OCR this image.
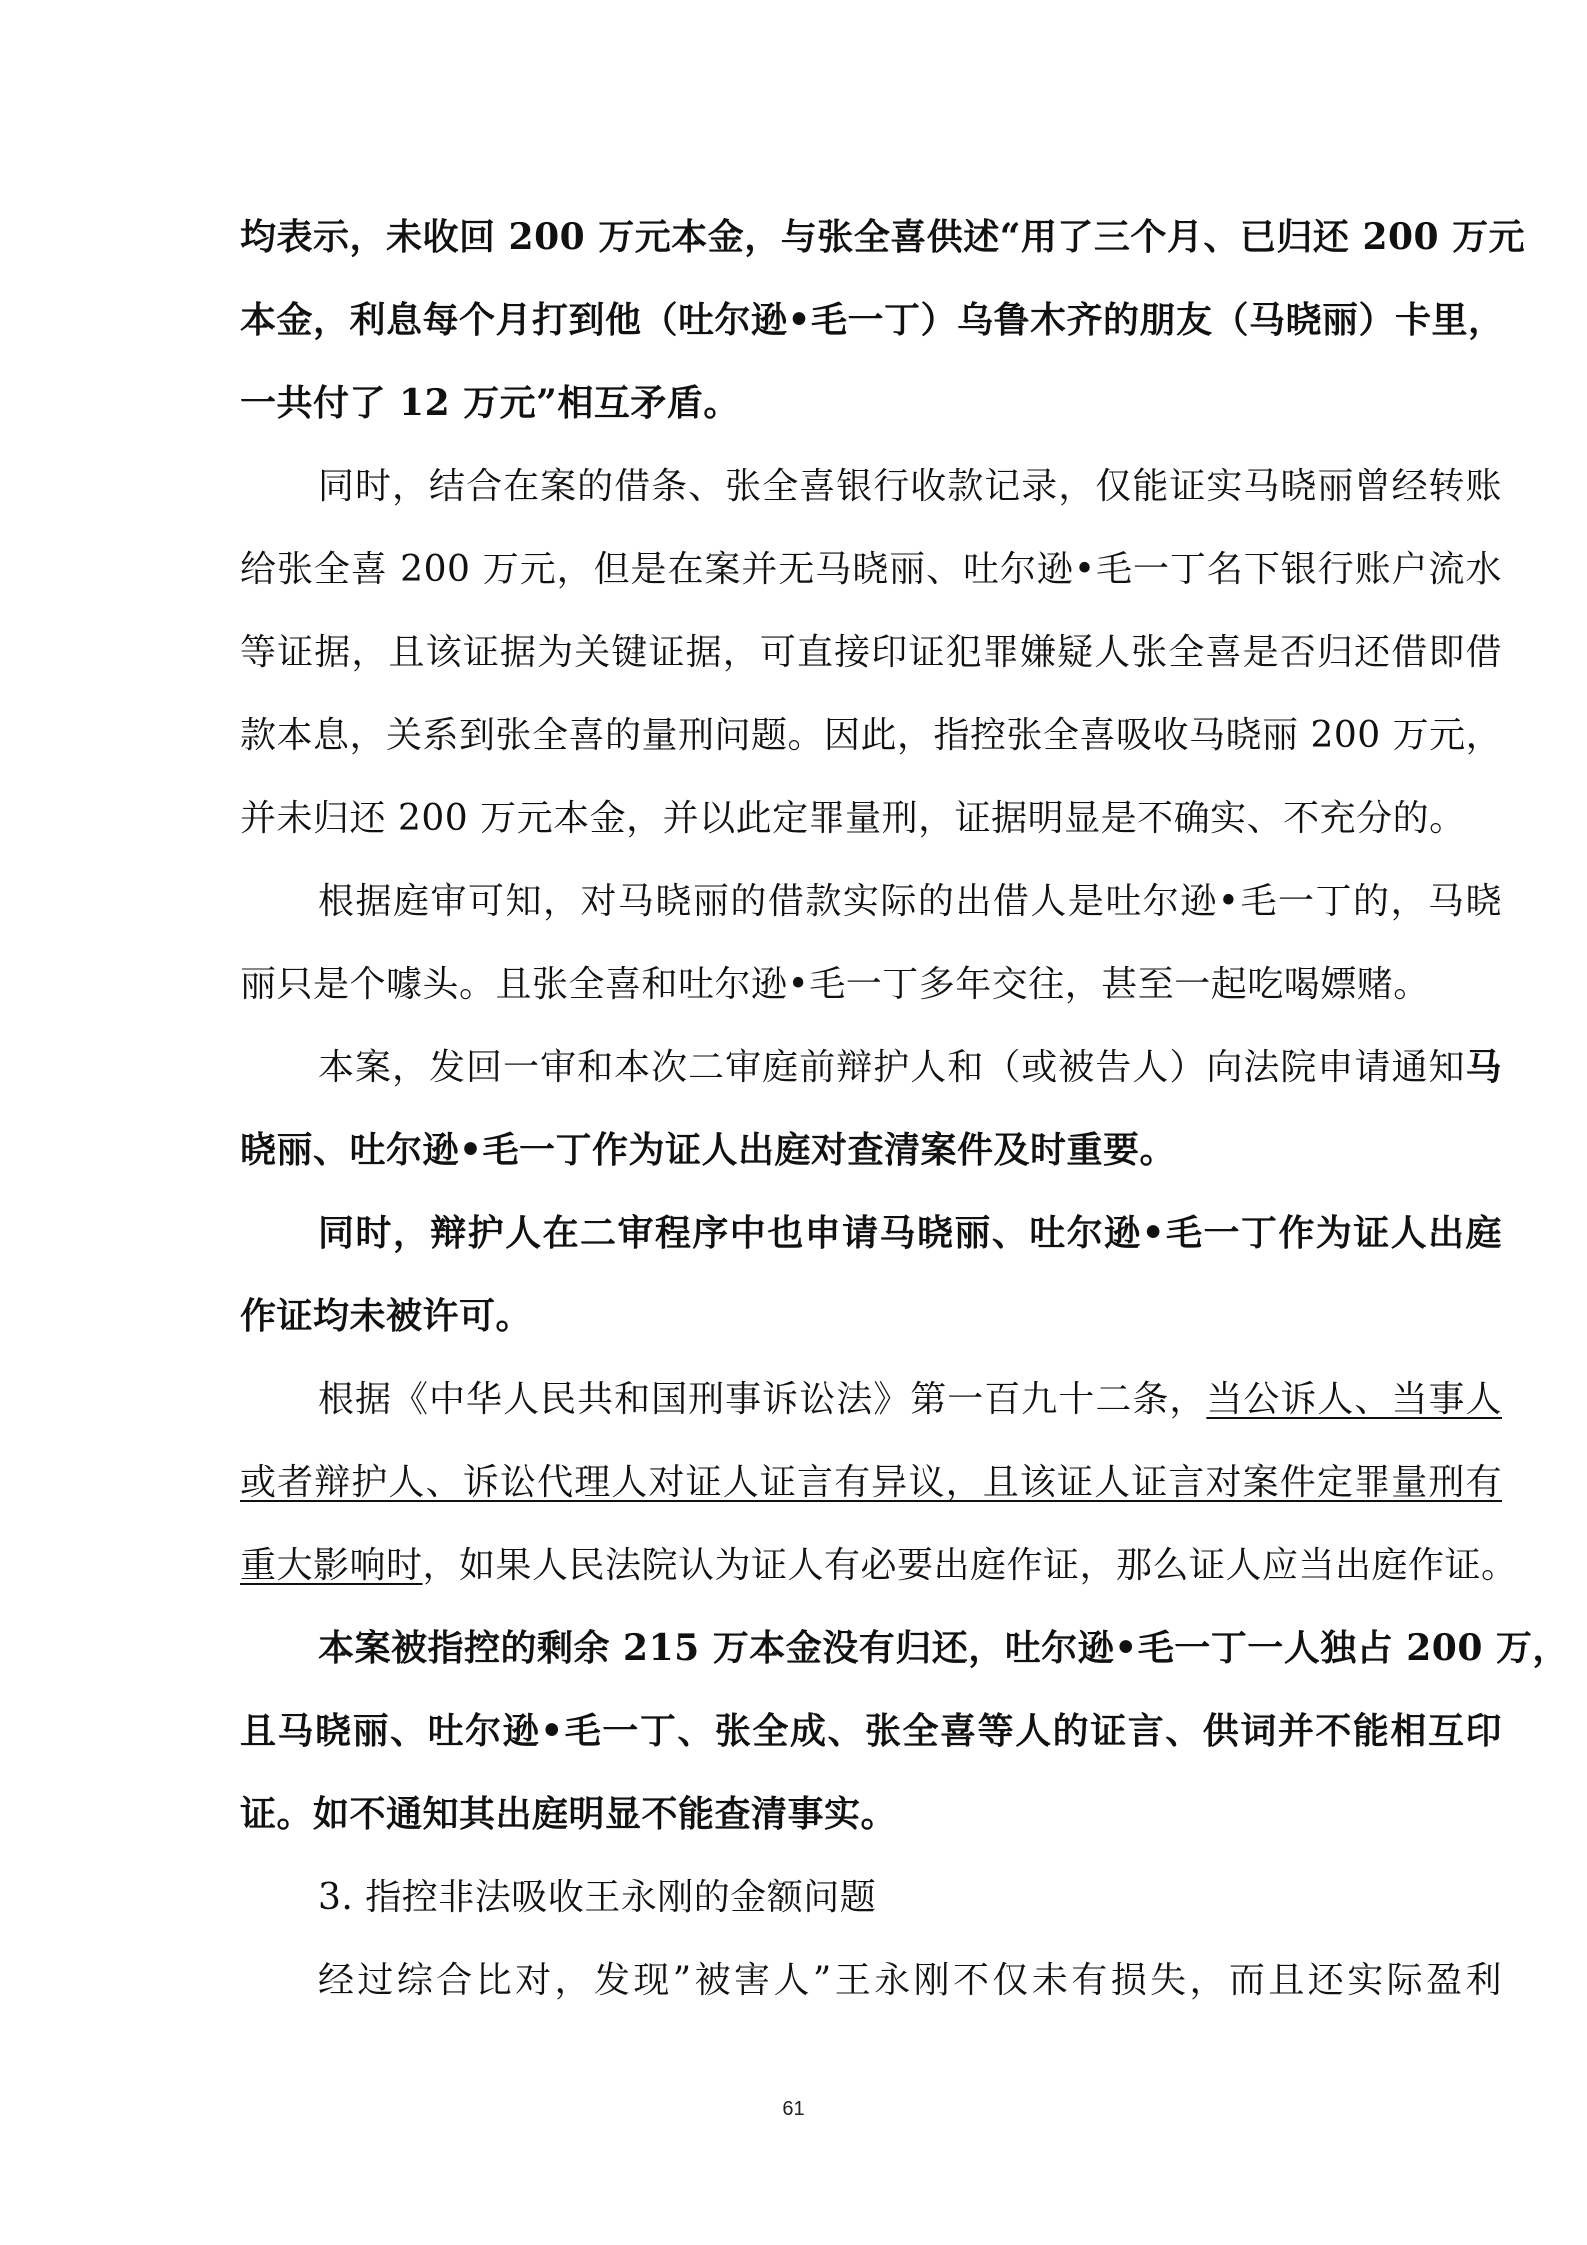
均表示，未收回 200 万元本金，与张全喜供述“用了三个月、已归还 200 万元
本金，利息每个月打到他（吐尔逊•毛一丁）乌鲁木齐的朋友（马晓丽）卡里，
一共付了 12 万元”相互矛盾。
同时，结合在案的借条、张全喜银行收款记录，仅能证实马晓丽曾经转账
给张全喜 200 万元，但是在案并无马晓丽、吐尔逊•毛一丁名下银行账户流水
等证据，且该证据为关键证据，可直接印证犯罪嫌疑人张全喜是否归还借即借
款本息，关系到张全喜的量刑问题。因此，指控张全喜吸收马晓丽 200 万元，
并未归还 200 万元本金，并以此定罪量刑，证据明显是不确实、不充分的。
根据庭审可知，对马晓丽的借款实际的出借人是吐尔逊•毛一丁的，马晓
丽只是个噱头。且张全喜和吐尔逊•毛一丁多年交往，甚至一起吃喝嫖赌。
本案，发回一审和本次二审庭前辩护人和（或被告人）向法院申请通知马
晓丽、吐尔逊•毛一丁作为证人出庭对查清案件及时重要。
同时，辩护人在二审程序中也申请马晓丽、吐尔逊•毛一丁作为证人出庭
作证均未被许可。
根据《中华人民共和国刑事诉讼法》第一百九十二条，当公诉人、当事人
或者辩护人、诉讼代理人对证人证言有异议，且该证人证言对案件定罪量刑有
重大影响时，如果人民法院认为证人有必要出庭作证，那么证人应当出庭作证。
本案被指控的剩余 215 万本金没有归还，吐尔逊•毛一丁一人独占 200 万，
且马晓丽、吐尔逊•毛一丁、张全成、张全喜等人的证言、供词并不能相互印
证。如不通知其出庭明显不能查清事实。
3. 指控非法吸收王永刚的金额问题
经过综合比对，发现”被害人”王永刚不仅未有损失，而且还实际盈利
61
